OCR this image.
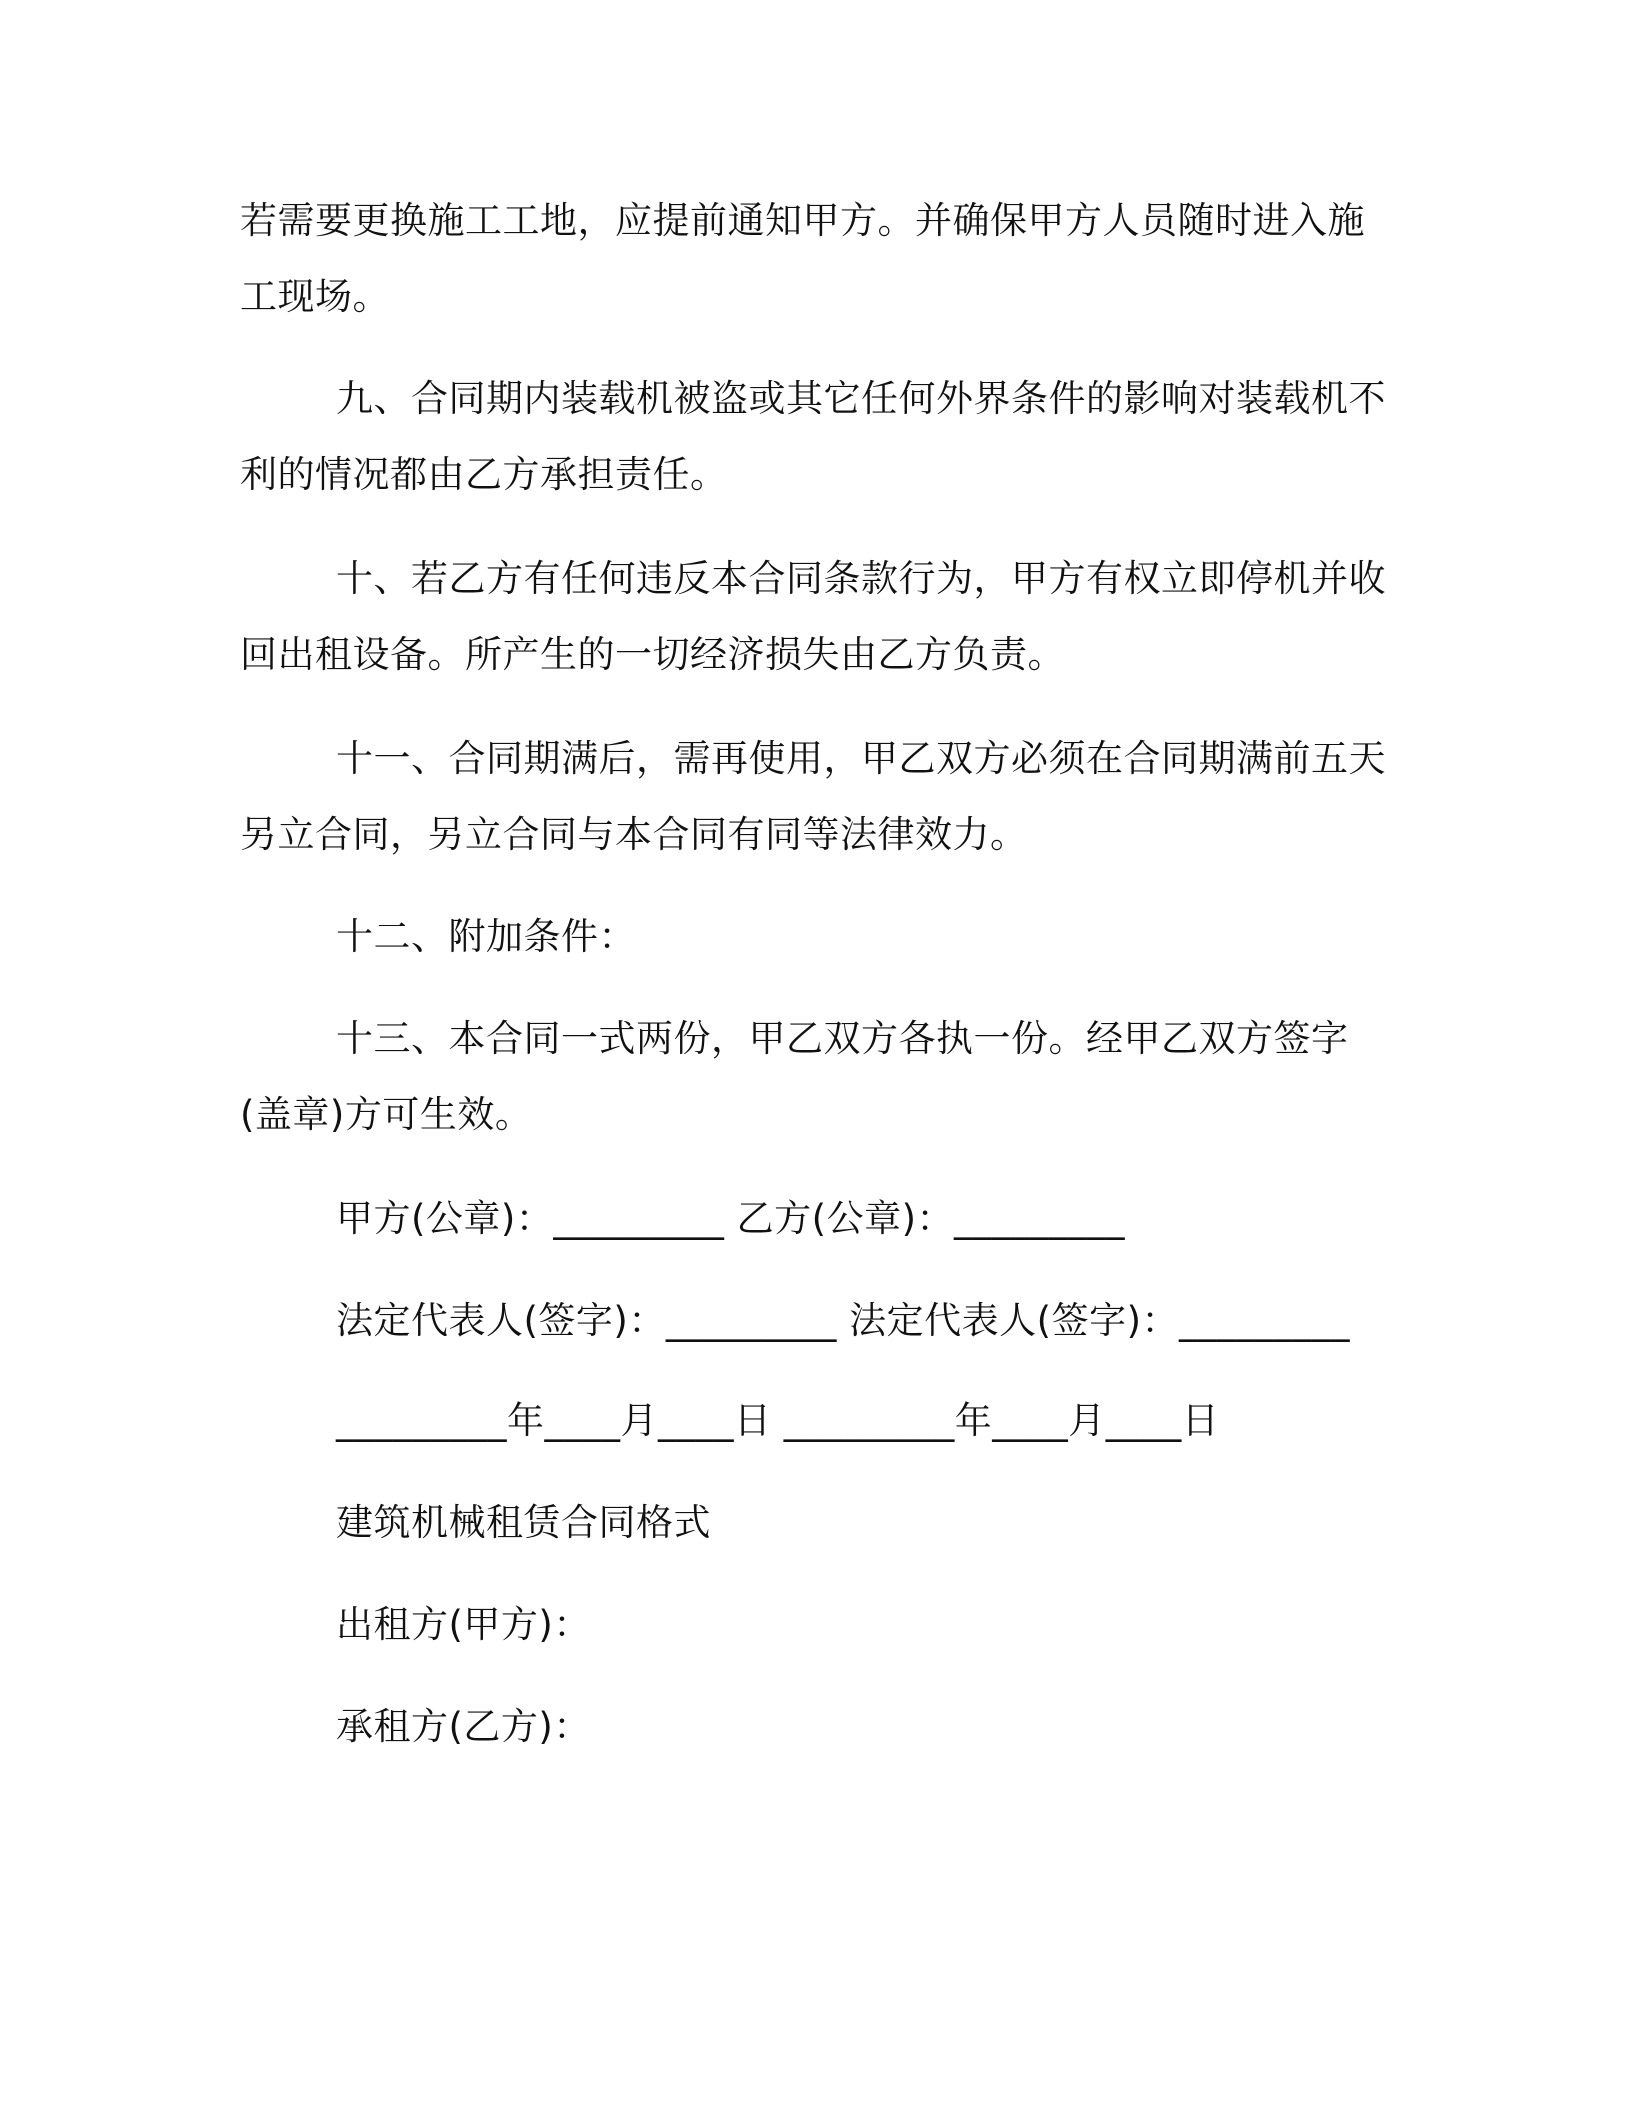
若需要更换施工工地，应提前通知甲方。并确保甲方人员随时进入施
工现场。
九、合同期内装载机被盗或其它任何外界条件的影响对装载机不
利的情况都由乙方承担责任。
十、若乙方有任何违反本合同条款行为，甲方有权立即停机并收
回出租设备。所产生的一切经济损失由乙方负责。
十一、合同期满后，需再使用，甲乙双方必须在合同期满前五天
另立合同，另立合同与本合同有同等法律效力。
十二、附加条件：
十三、本合同一式两份，甲乙双方各执一份。经甲乙双方签字
(盖章)方可生效。
甲方(公章)：_________ 乙方(公章)：_________
法定代表人(签字)：_________ 法定代表人(签字)：_________
_________年____月____日 _________年____月____日
建筑机械租赁合同格式
出租方(甲方)：
承租方(乙方)：
